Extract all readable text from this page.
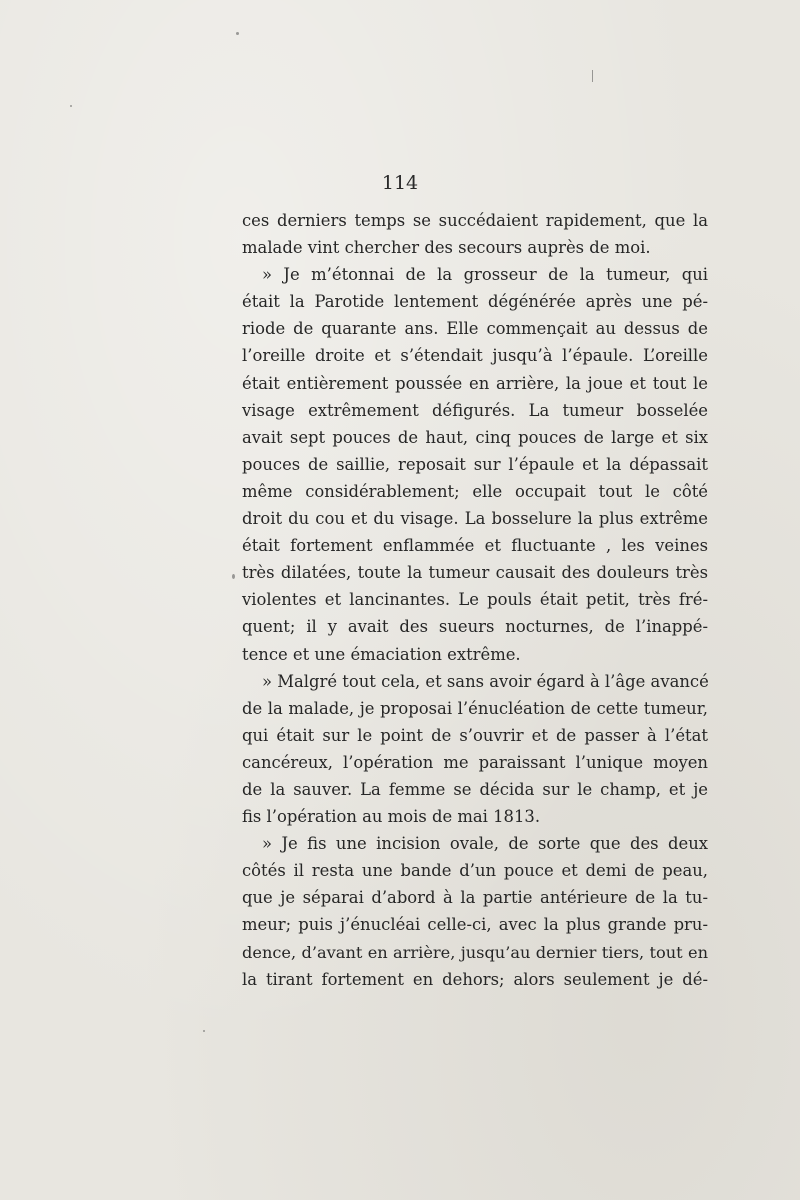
114
ces derniers temps se succédaient rapidement, que la
malade vint chercher des secours auprès de moi.
» Je m’étonnai de la grosseur de la tumeur, qui
était la Parotide lentement dégénérée après une pé-
riode de quarante ans. Elle commençait au dessus de
l’oreille droite et s’étendait jusqu’à l’épaule. L’oreille
était entièrement poussée en arrière, la joue et tout le
visage extrêmement défigurés. La tumeur bosselée
avait sept pouces de haut, cinq pouces de large et six
pouces de saillie, reposait sur l’épaule et la dépassait
même considérablement; elle occupait tout le côté
droit du cou et du visage. La bosselure la plus extrême
était fortement enflammée et fluctuante , les veines
très dilatées, toute la tumeur causait des douleurs très
violentes et lancinantes. Le pouls était petit, très fré-
quent; il y avait des sueurs nocturnes, de l’inappé-
tence et une émaciation extrême.
» Malgré tout cela, et sans avoir égard à l’âge avancé
de la malade, je proposai l’énucléation de cette tumeur,
qui était sur le point de s’ouvrir et de passer à l’état
cancéreux, l’opération me paraissant l’unique moyen
de la sauver. La femme se décida sur le champ, et je
fis l’opération au mois de mai 1813.
» Je fis une incision ovale, de sorte que des deux
côtés il resta une bande d’un pouce et demi de peau,
que je séparai d’abord à la partie antérieure de la tu-
meur; puis j’énucléai celle-ci, avec la plus grande pru-
dence, d’avant en arrière, jusqu’au dernier tiers, tout en
la tirant fortement en dehors; alors seulement je dé-
